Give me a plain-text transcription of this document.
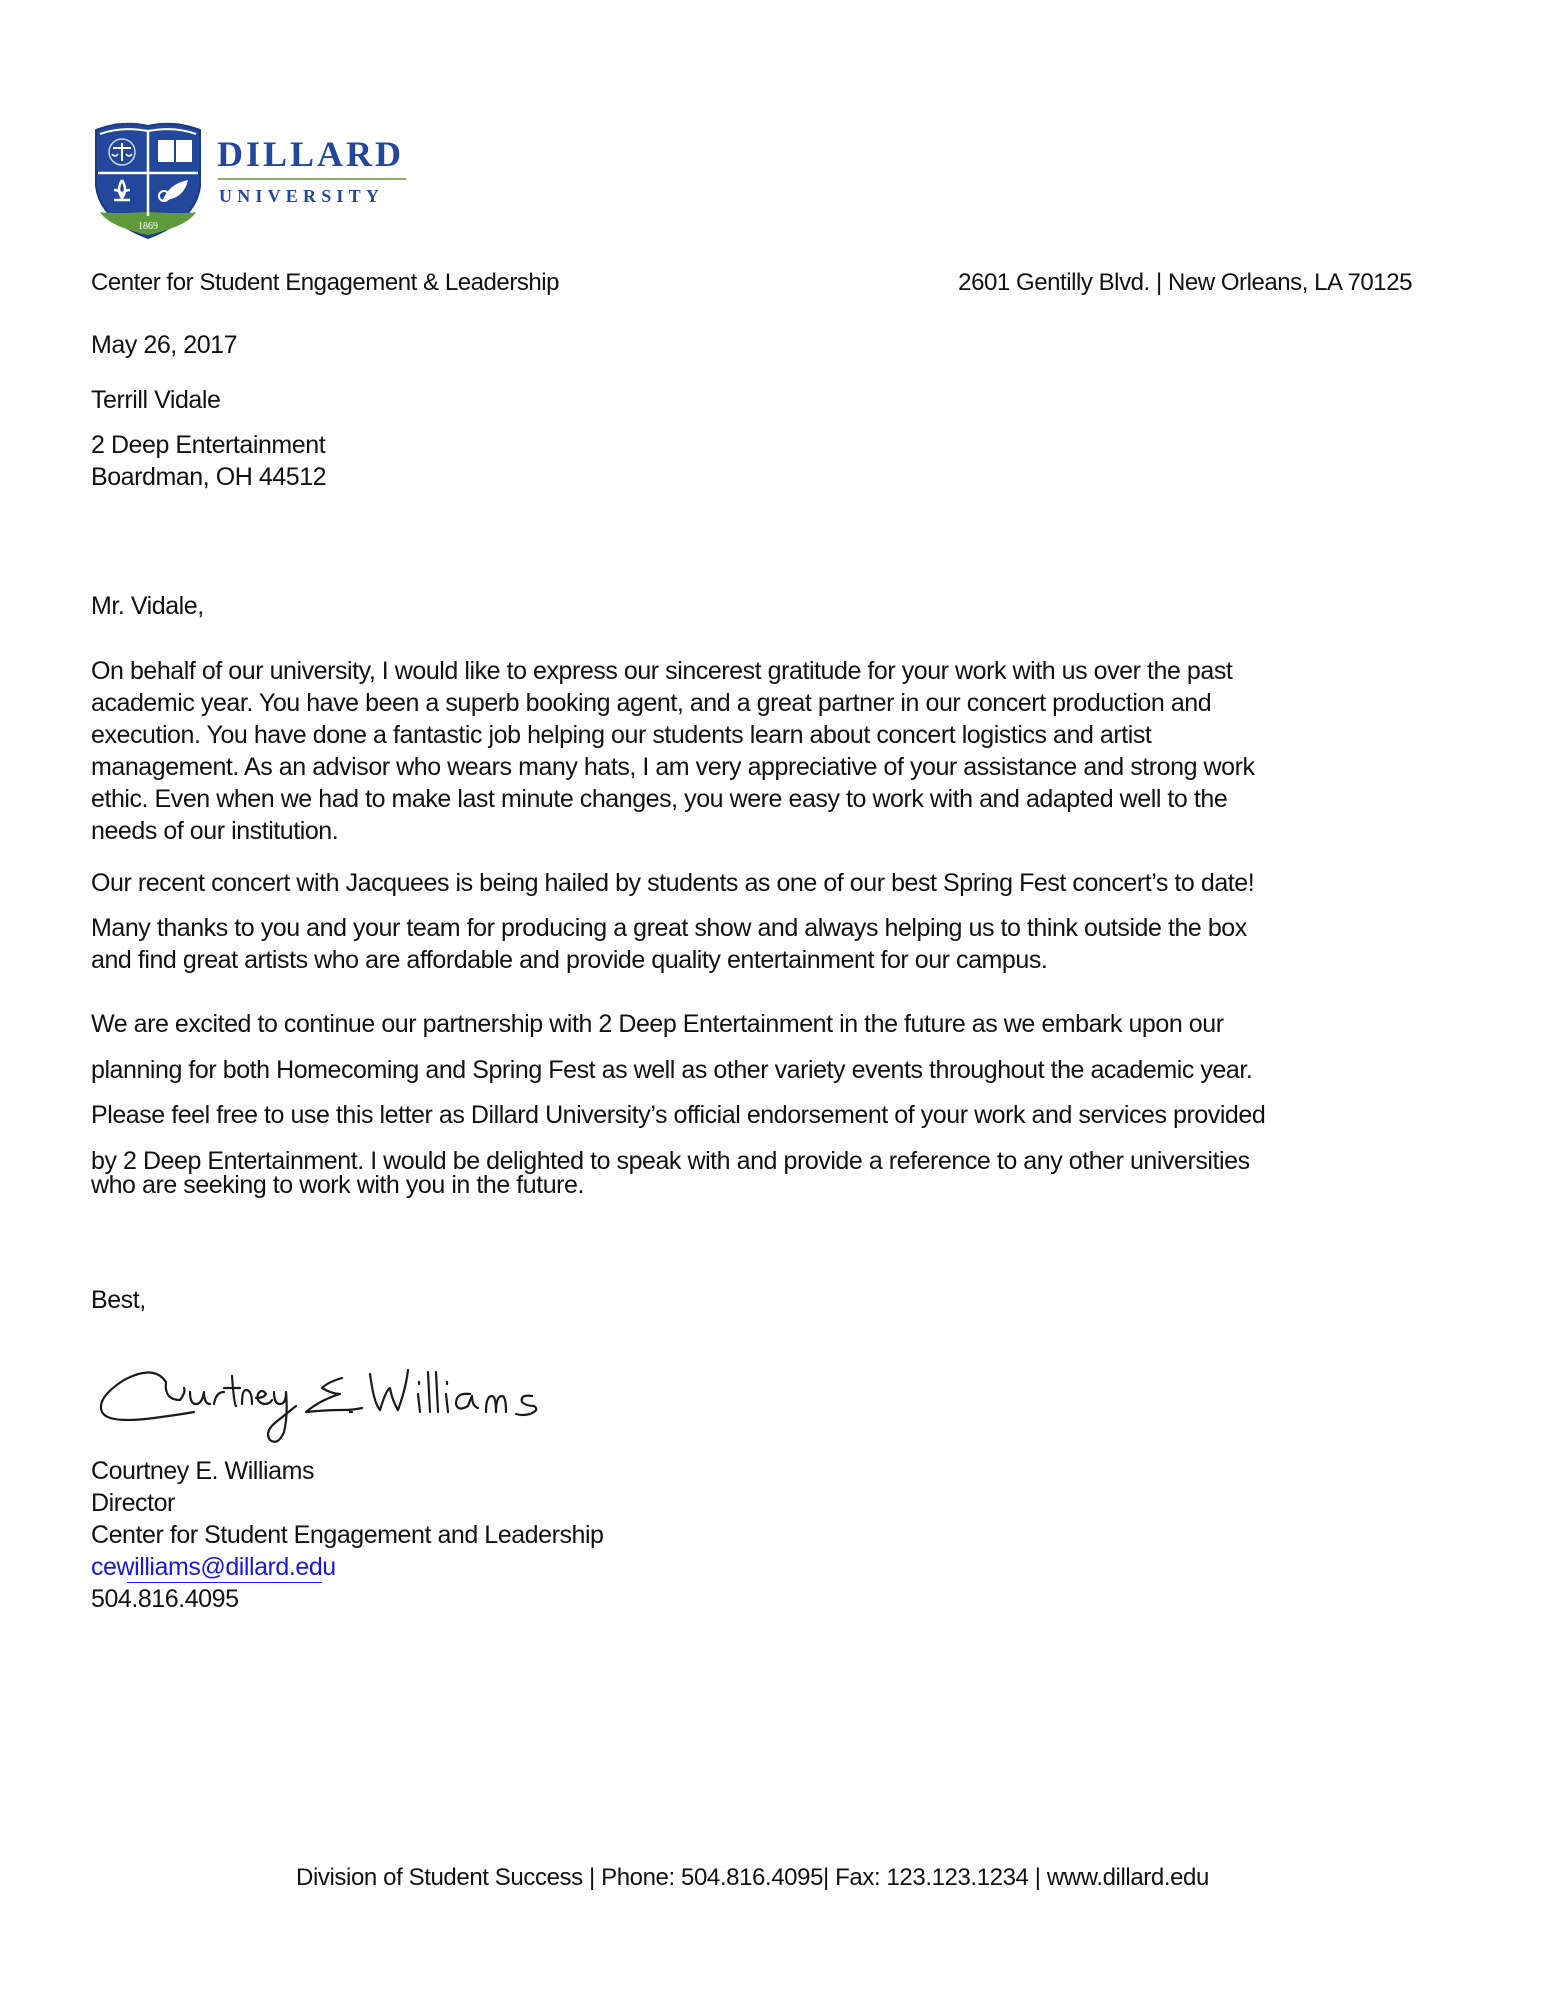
1869
EX FIDE	FORTIS
DILLARD
UNIVERSITY
Center for Student Engagement & Leadership	2601 Gentilly Blvd. | New Orleans, LA 70125
May 26, 2017
Terrill Vidale
2 Deep Entertainment
Boardman, OH 44512
Mr. Vidale,
On behalf of our university, I would like to express our sincerest gratitude for your work with us over the past
academic year. You have been a superb booking agent, and a great partner in our concert production and
execution. You have done a fantastic job helping our students learn about concert logistics and artist
management. As an advisor who wears many hats, I am very appreciative of your assistance and strong work
ethic. Even when we had to make last minute changes, you were easy to work with and adapted well to the
needs of our institution.
Our recent concert with Jacquees is being hailed by students as one of our best Spring Fest concert’s to date!
Many thanks to you and your team for producing a great show and always helping us to think outside the box
and find great artists who are affordable and provide quality entertainment for our campus.
We are excited to continue our partnership with 2 Deep Entertainment in the future as we embark upon our
planning for both Homecoming and Spring Fest as well as other variety events throughout the academic year.
Please feel free to use this letter as Dillard University’s official endorsement of your work and services provided
by 2 Deep Entertainment. I would be delighted to speak with and provide a reference to any other universities
who are seeking to work with you in the future.
Best,
Courtney E. Williams
Director
Center for Student Engagement and Leadership
cewilliams@dillard.edu
504.816.4095
Division of Student Success | Phone: 504.816.4095| Fax: 123.123.1234 | www.dillard.edu
